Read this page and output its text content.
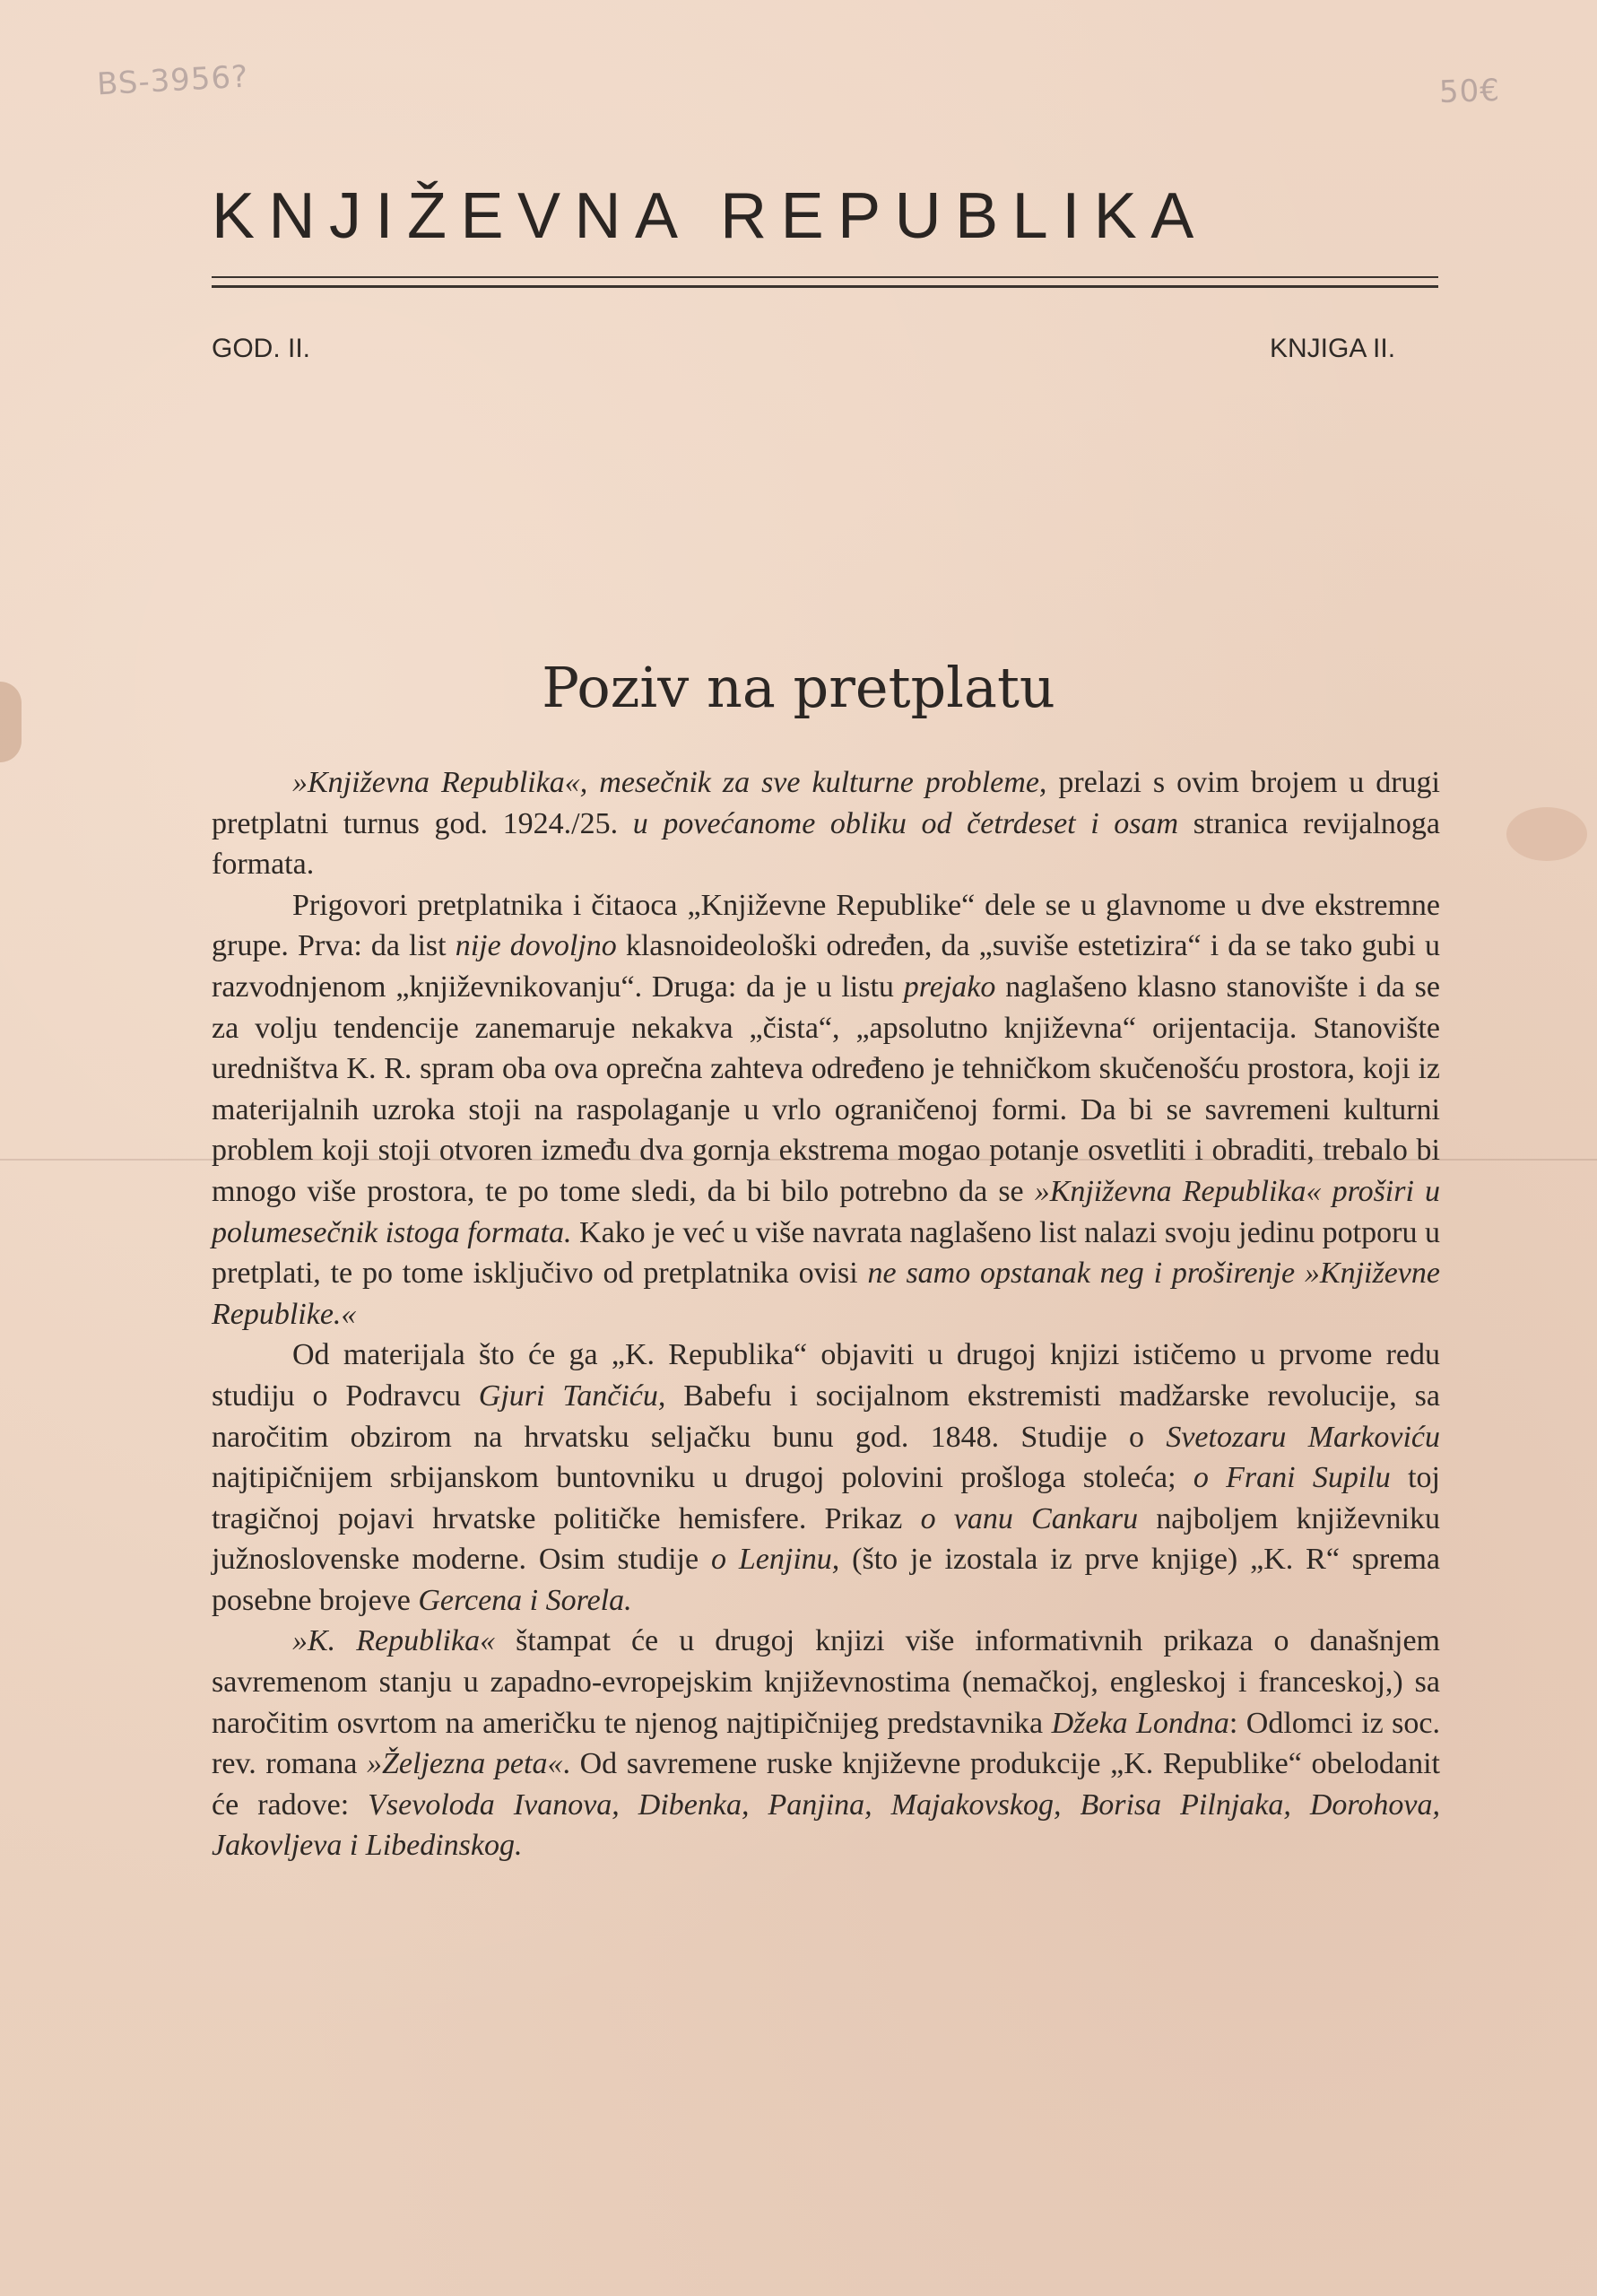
BS-3956?	50€
KNJIŽEVNA REPUBLIKA
GOD. II.	KNJIGA II.
Poziv na pretplatu

»Književna Republika«, mesečnik za sve kulturne probleme, prelazi s ovim brojem u drugi pretplatni turnus god. 1924./25. u povećanome obliku od četrdeset i osam stranica revijalnoga formata.

Prigovori pretplatnika i čitaoca „Književne Republike“ dele se u glavnome u dve ekstremne grupe. Prva: da list nije dovoljno klasnoideološki određen, da „suviše estetizira“ i da se tako gubi u razvodnjenom „književnikovanju“. Druga: da je u listu prejako naglašeno klasno stanovište i da se za volju tendencije zanemaruje nekakva „čista“, „apsolutno književna“ orijentacija. Stanovište uredništva K. R. spram oba ova oprečna zahteva određeno je tehničkom skučenošću prostora, koji iz materijalnih uzroka stoji na raspolaganje u vrlo ograničenoj formi. Da bi se savremeni kulturni problem koji stoji otvoren između dva gornja ekstrema mogao potanje osvetliti i obraditi, trebalo bi mnogo više prostora, te po tome sledi, da bi bilo potrebno da se »Književna Republika« proširi u polumesečnik istoga formata. Kako je već u više navrata naglašeno list nalazi svoju jedinu potporu u pretplati, te po tome isključivo od pretplatnika ovisi ne samo opstanak neg i proširenje »Književne Republike.«

Od materijala što će ga „K. Republika“ objaviti u drugoj knjizi ističemo u prvome redu studiju o Podravcu Gjuri Tančiću, Babefu i socijalnom ekstremisti madžarske revolucije, sa naročitim obzirom na hrvatsku seljačku bunu god. 1848. Studije o Svetozaru Markoviću najtipičnijem srbijanskom buntovniku u drugoj polovini prošloga stoleća; o Frani Supilu toj tragičnoj pojavi hrvatske političke hemisfere. Prikaz o vanu Cankaru najboljem književniku južnoslovenske moderne. Osim studije o Lenjinu, (što je izostala iz prve knjige) „K. R“ sprema posebne brojeve Gercena i Sorela.

»K. Republika« štampat će u drugoj knjizi više informativnih prikaza o današnjem savremenom stanju u zapadno-evropejskim književnostima (nemačkoj, engleskoj i franceskoj,) sa naročitim osvrtom na američku te njenog najtipičnijeg predstavnika Džeka Londna: Odlomci iz soc. rev. romana »Željezna peta«. Od savremene ruske književne produkcije „K. Republike“ obelodanit će radove: Vsevoloda Ivanova, Dibenka, Panjina, Majakovskog, Borisa Pilnjaka, Dorohova, Jakovljeva i Libedinskog.
